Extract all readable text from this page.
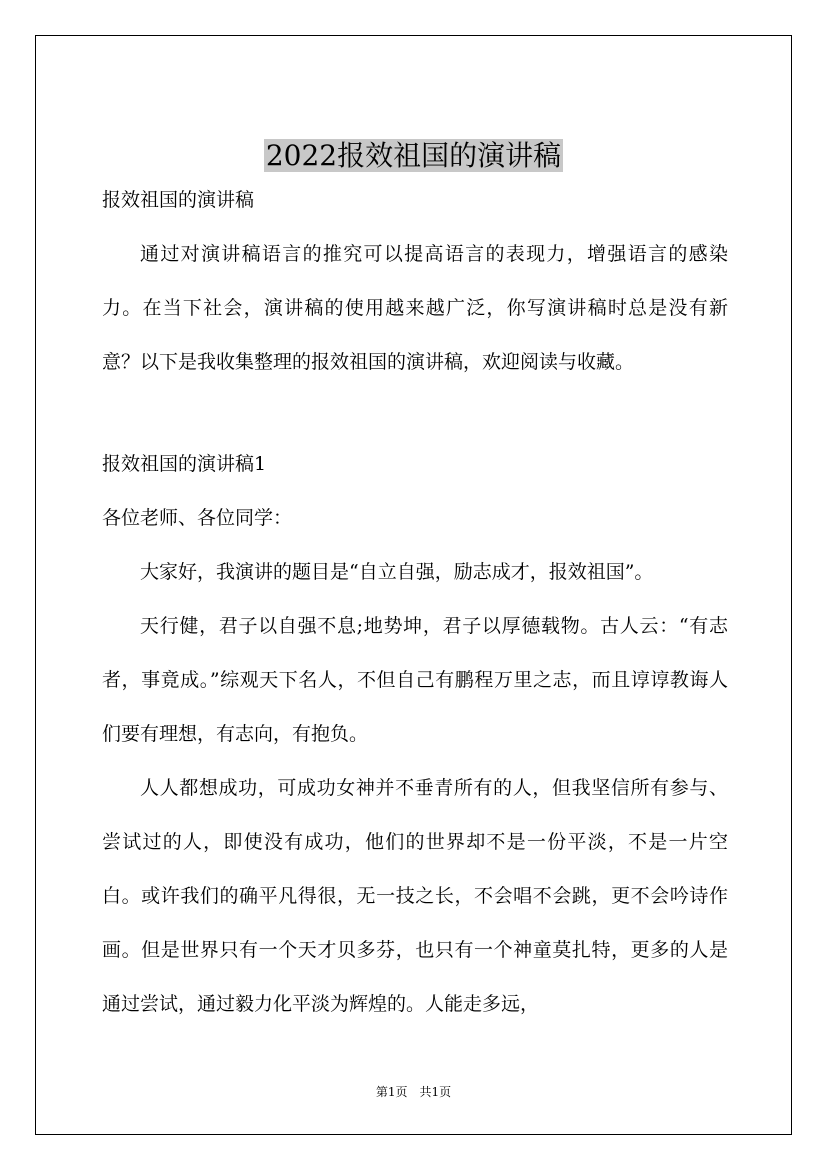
2022报效祖国的演讲稿

报效祖国的演讲稿

通过对演讲稿语言的推究可以提高语言的表现力，增强语言的感染力。在当下社会，演讲稿的使用越来越广泛，你写演讲稿时总是没有新意？以下是我收集整理的报效祖国的演讲稿，欢迎阅读与收藏。

报效祖国的演讲稿1

各位老师、各位同学：

大家好，我演讲的题目是“自立自强，励志成才，报效祖国”。

天行健，君子以自强不息;地势坤，君子以厚德载物。古人云：“有志者，事竟成。”综观天下名人，不但自己有鹏程万里之志，而且谆谆教诲人们要有理想，有志向，有抱负。

人人都想成功，可成功女神并不垂青所有的人，但我坚信所有参与、尝试过的人，即使没有成功，他们的世界却不是一份平淡，不是一片空白。或许我们的确平凡得很，无一技之长，不会唱不会跳，更不会吟诗作画。但是世界只有一个天才贝多芬，也只有一个神童莫扎特，更多的人是通过尝试，通过毅力化平淡为辉煌的。人能走多远，

第1页　共1页
